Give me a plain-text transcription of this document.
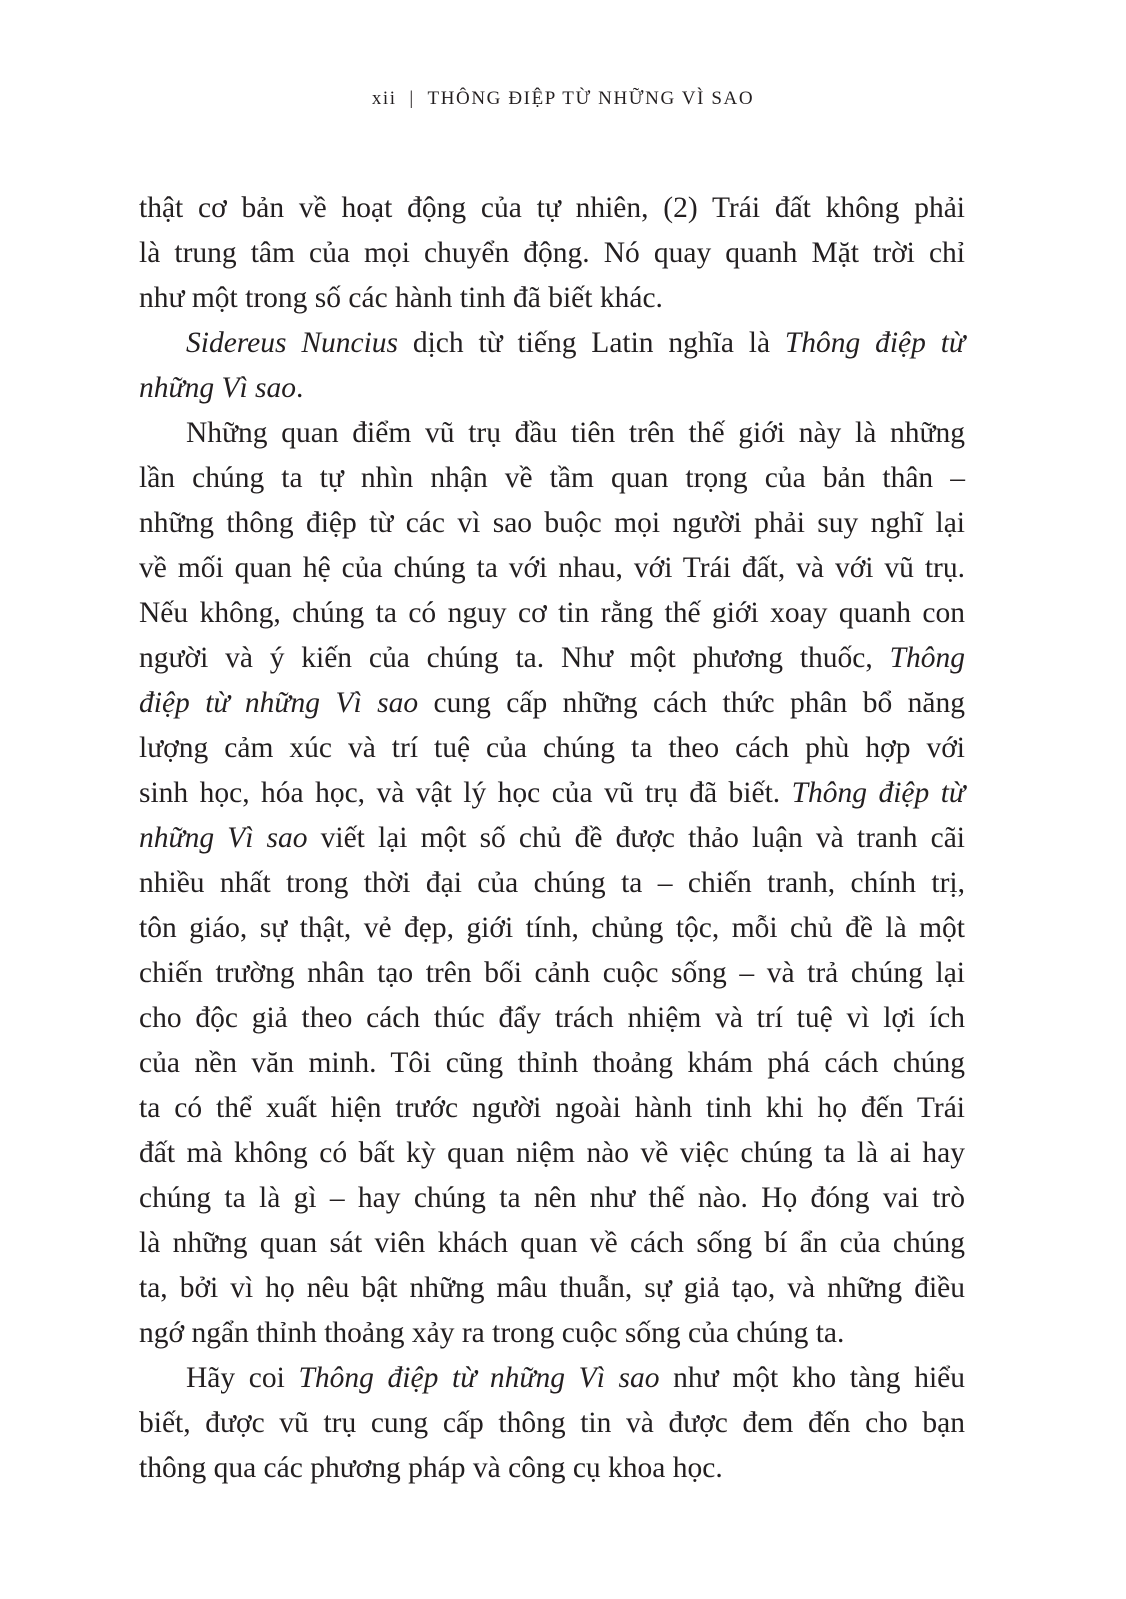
xii | THÔNG ĐIỆP TỪ NHỮNG VÌ SAO
thật cơ bản về hoạt động của tự nhiên, (2) Trái đất không phải
là trung tâm của mọi chuyển động. Nó quay quanh Mặt trời chỉ
như một trong số các hành tinh đã biết khác.
Sidereus Nuncius dịch từ tiếng Latin nghĩa là Thông điệp từ
những Vì sao.
Những quan điểm vũ trụ đầu tiên trên thế giới này là những
lần chúng ta tự nhìn nhận về tầm quan trọng của bản thân –
những thông điệp từ các vì sao buộc mọi người phải suy nghĩ lại
về mối quan hệ của chúng ta với nhau, với Trái đất, và với vũ trụ.
Nếu không, chúng ta có nguy cơ tin rằng thế giới xoay quanh con
người và ý kiến của chúng ta. Như một phương thuốc, Thông
điệp từ những Vì sao cung cấp những cách thức phân bổ năng
lượng cảm xúc và trí tuệ của chúng ta theo cách phù hợp với
sinh học, hóa học, và vật lý học của vũ trụ đã biết. Thông điệp từ
những Vì sao viết lại một số chủ đề được thảo luận và tranh cãi
nhiều nhất trong thời đại của chúng ta – chiến tranh, chính trị,
tôn giáo, sự thật, vẻ đẹp, giới tính, chủng tộc, mỗi chủ đề là một
chiến trường nhân tạo trên bối cảnh cuộc sống – và trả chúng lại
cho độc giả theo cách thúc đẩy trách nhiệm và trí tuệ vì lợi ích
của nền văn minh. Tôi cũng thỉnh thoảng khám phá cách chúng
ta có thể xuất hiện trước người ngoài hành tinh khi họ đến Trái
đất mà không có bất kỳ quan niệm nào về việc chúng ta là ai hay
chúng ta là gì – hay chúng ta nên như thế nào. Họ đóng vai trò
là những quan sát viên khách quan về cách sống bí ẩn của chúng
ta, bởi vì họ nêu bật những mâu thuẫn, sự giả tạo, và những điều
ngớ ngẩn thỉnh thoảng xảy ra trong cuộc sống của chúng ta.
Hãy coi Thông điệp từ những Vì sao như một kho tàng hiểu
biết, được vũ trụ cung cấp thông tin và được đem đến cho bạn
thông qua các phương pháp và công cụ khoa học.
